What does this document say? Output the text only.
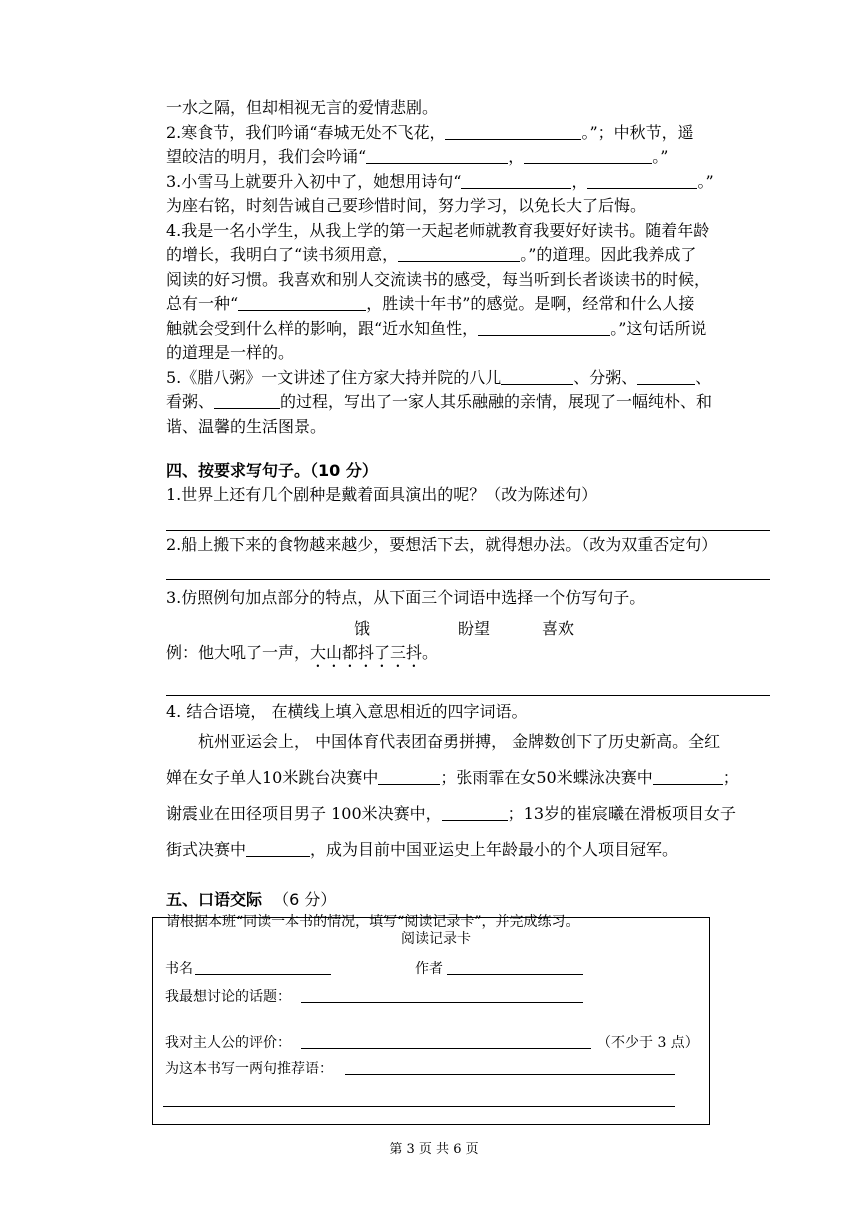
一水之隔，但却相视无言的爱情悲剧。

2.寒食节，我们吟诵“春城无处不飞花，	。”；中秋节，遥

望皎洁的明月，我们会吟诵“	，	。”

3.小雪马上就要升入初中了，她想用诗句“	，	。”

为座右铭，时刻告诫自己要珍惜时间，努力学习，以免长大了后悔。

4.我是一名小学生，从我上学的第一天起老师就教育我要好好读书。随着年龄

的增长，我明白了“读书须用意，	。”的道理。因此我养成了

阅读的好习惯。我喜欢和别人交流读书的感受，每当听到长者谈读书的时候，

总有一种“	，胜读十年书”的感觉。是啊，经常和什么人接

触就会受到什么样的影响，跟“近水知鱼性，	。”这句话所说

的道理是一样的。

5.《腊八粥》一文讲述了住方家大持并院的八儿	、分粥、	、

看粥、	的过程，写出了一家人其乐融融的亲情，展现了一幅纯朴、和

谐、温馨的生活图景。

四、按要求写句子。（10 分）

1.世界上还有几个剧种是戴着面具演出的呢？（改为陈述句）

2.船上搬下来的食物越来越少，要想活下去，就得想办法。（改为双重否定句）

3.仿照例句加点部分的特点，从下面三个词语中选择一个仿写句子。

饿	盼望	喜欢

例：他大吼了一声，大山都抖了三抖。

4. 结合语境， 在横线上填入意思相近的四字词语。

杭州亚运会上， 中国体育代表团奋勇拼搏， 金牌数创下了历史新高。全红
婵在女子单人10米跳台决赛中	；张雨霏在女50米蝶泳决赛中	；
谢震业在田径项目男子 100米决赛中，	；13岁的崔宸曦在滑板项目女子
街式决赛中	，成为目前中国亚运史上年龄最小的个人项目冠军。

五、口语交际 （6 分）

请根据本班“同读一本书的情况，填写“阅读记录卡”，并完成练习。

阅读记录卡
书名	作者
我最想讨论的话题：
我对主人公的评价：	（不少于 3 点）
为这本书写一两句推荐语：
第 3 页 共 6 页
